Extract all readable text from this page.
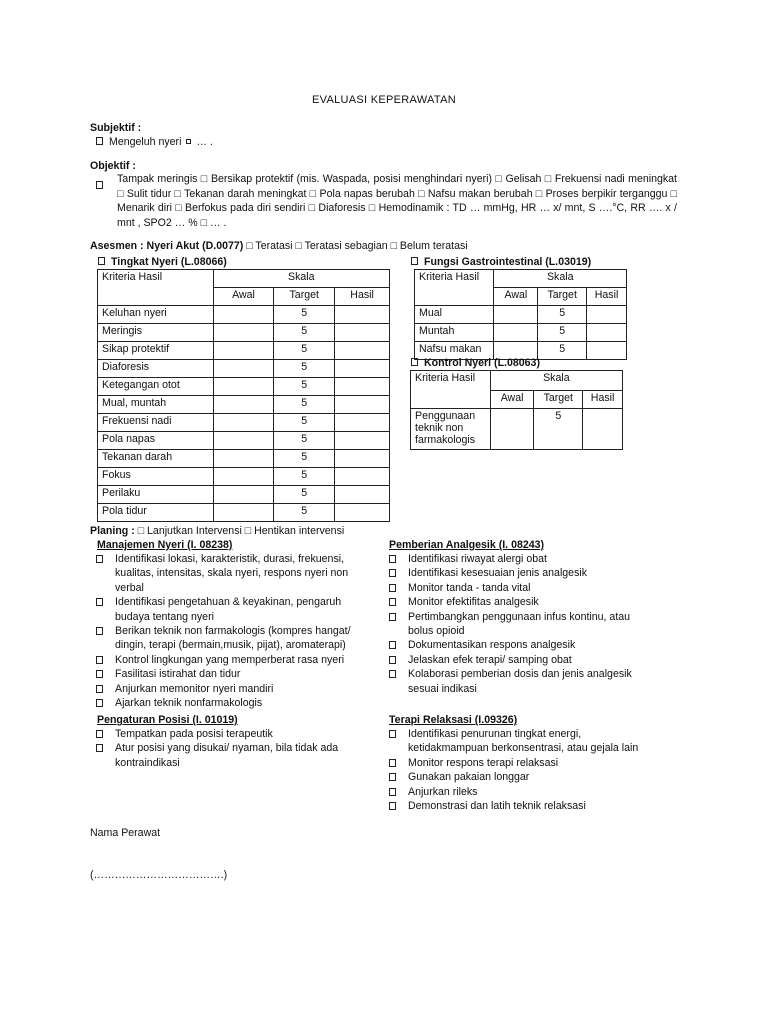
EVALUASI KEPERAWATAN
Subjektif :
Mengeluh nyeri … .
Objektif :
Tampak meringis □ Bersikap protektif (mis. Waspada, posisi menghindari nyeri) □ Gelisah □ Frekuensi nadi meningkat □ Sulit tidur □ Tekanan darah meningkat □ Pola napas berubah □ Nafsu makan berubah □ Proses berpikir terganggu □ Menarik diri □ Berfokus pada diri sendiri □ Diaforesis □ Hemodinamik : TD … mmHg, HR … x/ mnt, S ….°C, RR …. x / mnt , SPO2 … % □ … .
Asesmen : Nyeri Akut (D.0077) □ Teratasi □ Teratasi sebagian □ Belum teratasi
Tingkat Nyeri (L.08066)
Kriteria Hasil	Skala		
	Awal	Target	Hasil
Keluhan nyeri		5	
Meringis		5	
Sikap protektif		5	
Diaforesis		5	
Ketegangan otot		5	
Mual, muntah		5	
Frekuensi nadi		5	
Pola napas		5	
Tekanan darah		5	
Fokus		5	
Perilaku		5	
Pola tidur		5	
Fungsi Gastrointestinal (L.03019)
Kriteria Hasil	Skala		
	Awal	Target	Hasil
Mual		5	
Muntah		5	
Nafsu makan		5	
Kontrol Nyeri (L.08063)
Kriteria Hasil	Skala		
	Awal	Target	Hasil
Penggunaan teknik non farmakologis		5	
Planing : □ Lanjutkan Intervensi □ Hentikan intervensi
Manajemen Nyeri (I. 08238)
Identifikasi lokasi, karakteristik, durasi, frekuensi, kualitas, intensitas, skala nyeri, respons nyeri non verbal
Identifikasi pengetahuan & keyakinan, pengaruh budaya tentang nyeri
Berikan teknik non farmakologis (kompres hangat/ dingin, terapi (bermain,musik, pijat), aromaterapi)
Kontrol lingkungan yang memperberat rasa nyeri
Fasilitasi istirahat dan tidur
Anjurkan memonitor nyeri mandiri
Ajarkan teknik nonfarmakologis
Pemberian Analgesik (I. 08243)
Identifikasi riwayat alergi obat
Identifikasi kesesuaian jenis analgesik
Monitor tanda - tanda vital
Monitor efektifitas analgesik
Pertimbangkan penggunaan infus kontinu, atau bolus opioid
Dokumentasikan respons analgesik
Jelaskan efek terapi/ samping obat
Kolaborasi pemberian dosis dan jenis analgesik sesuai indikasi
Pengaturan Posisi (I. 01019)
Tempatkan pada posisi terapeutik
Atur posisi yang disukai/ nyaman, bila tidak ada kontraindikasi
Terapi Relaksasi (I.09326)
Identifikasi penurunan tingkat energi, ketidakmampuan berkonsentrasi, atau gejala lain
Monitor respons terapi relaksasi
Gunakan pakaian longgar
Anjurkan rileks
Demonstrasi dan latih teknik relaksasi
Nama Perawat
(……………………………….)
